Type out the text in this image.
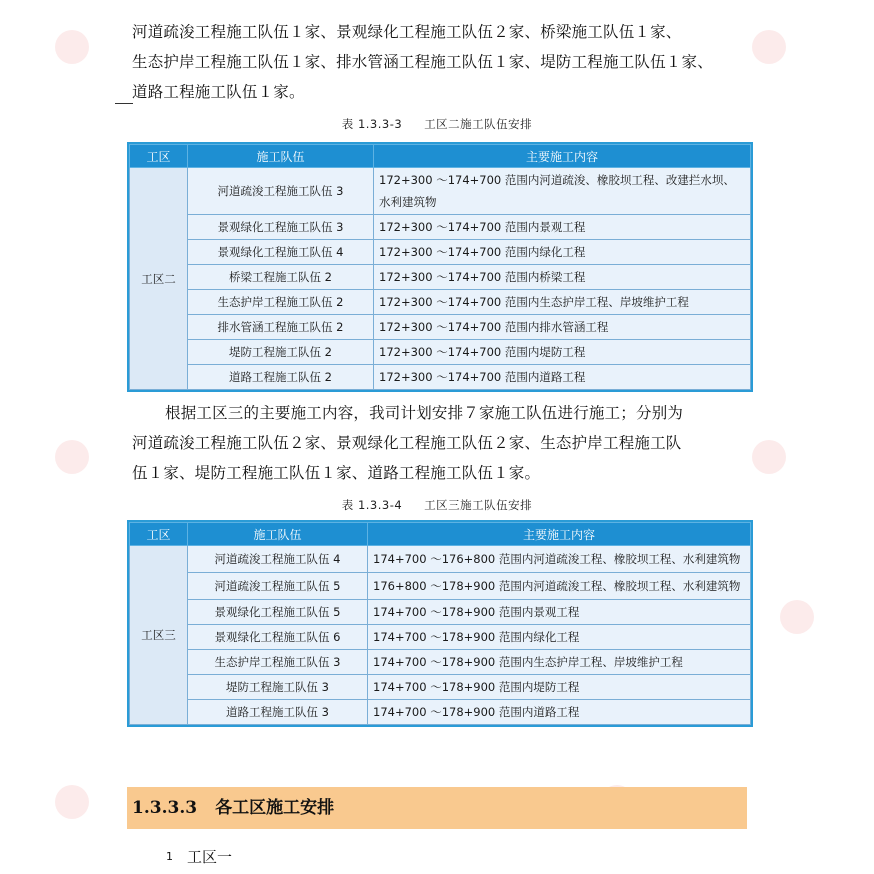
河道疏浚工程施工队伍１家、景观绿化工程施工队伍２家、桥梁施工队伍１家、
生态护岸工程施工队伍１家、排水管涵工程施工队伍１家、堤防工程施工队伍１家、
道路工程施工队伍１家。
表 1.3.3-3 工区二施工队伍安排
工区	施工队伍	主要施工内容
工区二	河道疏浚工程施工队伍 3	172+300 ～174+700 范围内河道疏浚、橡胶坝工程、改建拦水坝、水利建筑物
	景观绿化工程施工队伍 3	172+300 ～174+700 范围内景观工程
	景观绿化工程施工队伍 4	172+300 ～174+700 范围内绿化工程
	桥梁工程施工队伍 2	172+300 ～174+700 范围内桥梁工程
	生态护岸工程施工队伍 2	172+300 ～174+700 范围内生态护岸工程、岸坡维护工程
	排水管涵工程施工队伍 2	172+300 ～174+700 范围内排水管涵工程
	堤防工程施工队伍 2	172+300 ～174+700 范围内堤防工程
	道路工程施工队伍 2	172+300 ～174+700 范围内道路工程
根据工区三的主要施工内容，我司计划安排７家施工队伍进行施工；分别为
河道疏浚工程施工队伍２家、景观绿化工程施工队伍２家、生态护岸工程施工队
伍１家、堤防工程施工队伍１家、道路工程施工队伍１家。
表 1.3.3-4 工区三施工队伍安排
工区	施工队伍	主要施工内容
工区三	河道疏浚工程施工队伍 4	174+700 ～176+800 范围内河道疏浚工程、橡胶坝工程、水利建筑物
	河道疏浚工程施工队伍 5	176+800 ～178+900 范围内河道疏浚工程、橡胶坝工程、水利建筑物
	景观绿化工程施工队伍 5	174+700 ～178+900 范围内景观工程
	景观绿化工程施工队伍 6	174+700 ～178+900 范围内绿化工程
	生态护岸工程施工队伍 3	174+700 ～178+900 范围内生态护岸工程、岸坡维护工程
	堤防工程施工队伍 3	174+700 ～178+900 范围内堤防工程
	道路工程施工队伍 3	174+700 ～178+900 范围内道路工程
1.3.3.3 各工区施工安排
1 工区一
